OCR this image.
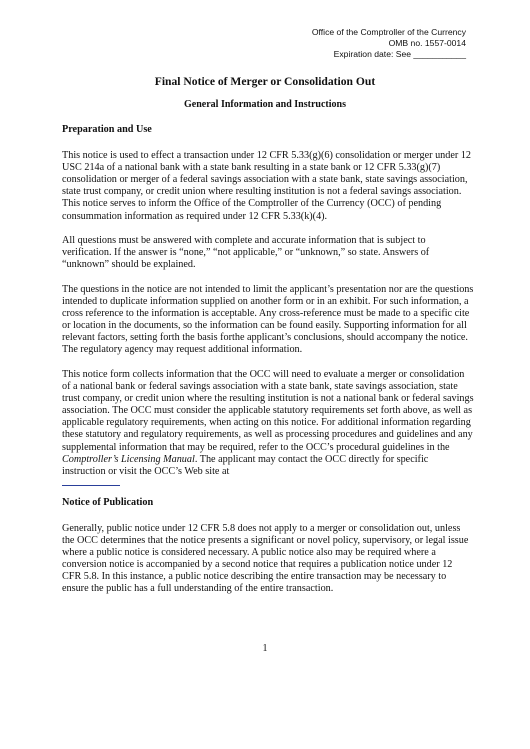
Office of the Comptroller of the Currency
OMB no. 1557-0014
Expiration date: See ___________
Final Notice of Merger or Consolidation Out
General Information and Instructions
Preparation and Use

This notice is used to effect a transaction under 12 CFR 5.33(g)(6) consolidation or merger under 12 USC 214a of a national bank with a state bank resulting in a state bank or 12 CFR 5.33(g)(7) consolidation or merger of a federal savings association with a state bank, state savings association, state trust company, or credit union where resulting institution is not a federal savings association. This notice serves to inform the Office of the Comptroller of the Currency (OCC) of pending consummation information as required under 12 CFR 5.33(k)(4).

All questions must be answered with complete and accurate information that is subject to verification. If the answer is “none,” “not applicable,” or “unknown,” so state. Answers of “unknown” should be explained.

The questions in the notice are not intended to limit the applicant’s presentation nor are the questions intended to duplicate information supplied on another form or in an exhibit. For such information, a cross reference to the information is acceptable. Any cross-reference must be made to a specific cite or location in the documents, so the information can be found easily. Supporting information for all relevant factors, setting forth the basis forthe applicant’s conclusions, should accompany the notice. The regulatory agency may request additional information.

This notice form collects information that the OCC will need to evaluate a merger or consolidation of a national bank or federal savings association with a state bank, state savings association, state trust company, or credit union where the resulting institution is not a national bank or federal savings association. The OCC must consider the applicable statutory requirements set forth above, as well as applicable regulatory requirements, when acting on this notice. For additional information regarding these statutory and regulatory requirements, as well as processing procedures and guidelines and any supplemental information that may be required, refer to the OCC’s procedural guidelines in the Comptroller’s Licensing Manual. The applicant may contact the OCC directly for specific instruction or visit the OCC’s Web site at

Notice of Publication

Generally, public notice under 12 CFR 5.8 does not apply to a merger or consolidation out, unless the OCC determines that the notice presents a significant or novel policy, supervisory, or legal issue where a public notice is considered necessary. A public notice also may be required where a conversion notice is accompanied by a second notice that requires a publication notice under 12 CFR 5.8. In this instance, a public notice describing the entire transaction may be necessary to ensure the public has a full understanding of the entire transaction.

1
